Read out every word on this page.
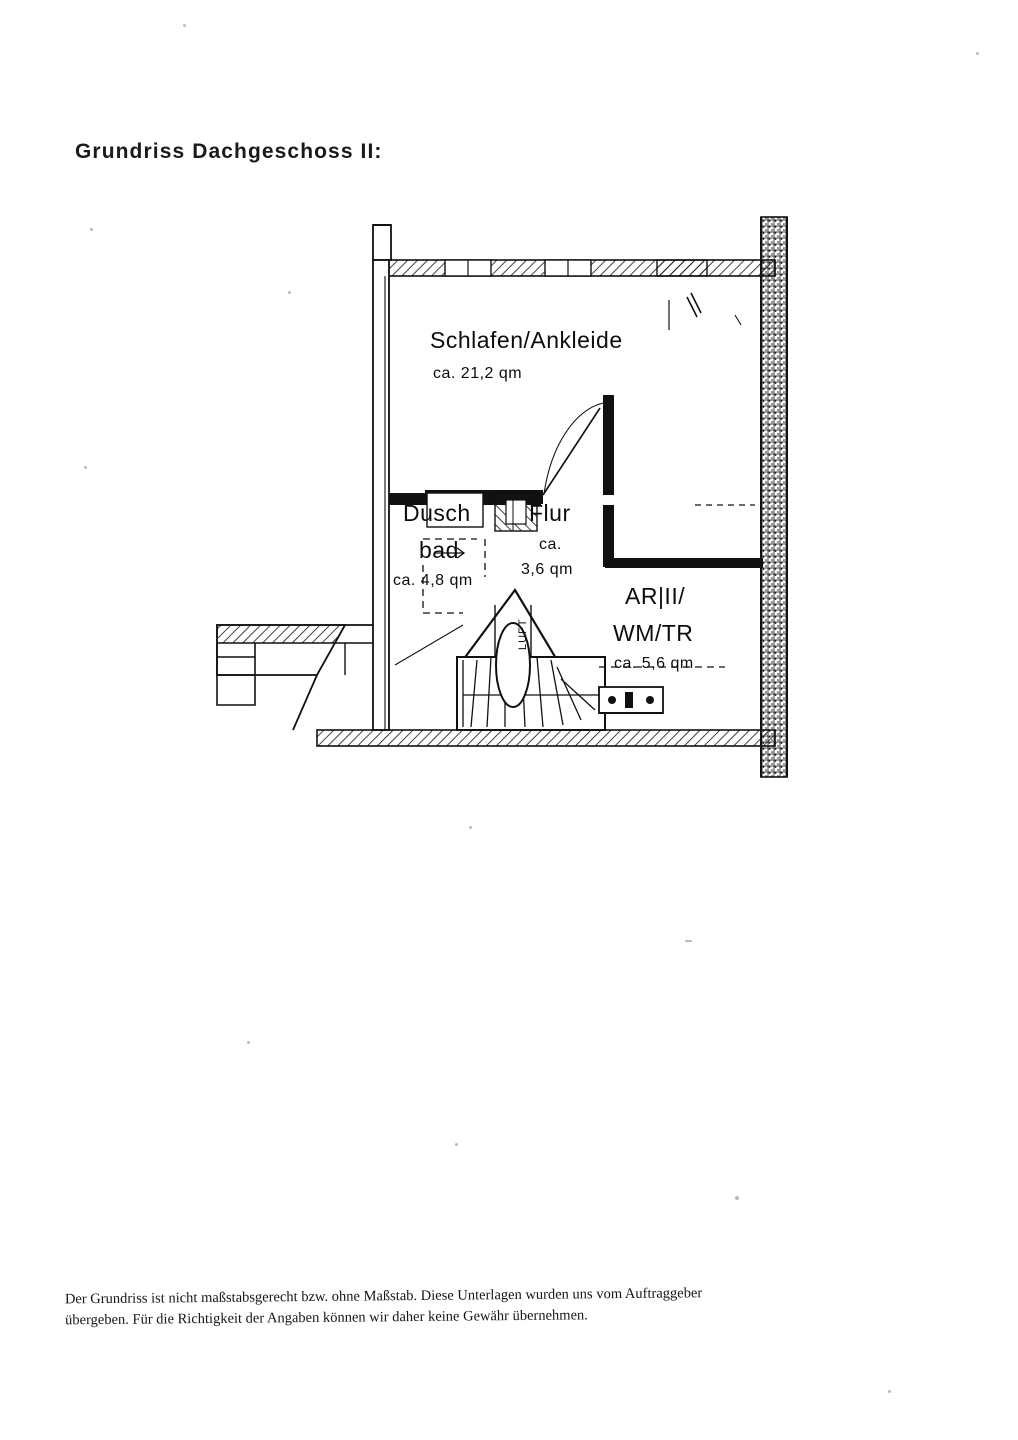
Grundriss Dachgeschoss II:
Schlafen/Ankleide
ca. 21,2 qm
Dusch
bad
ca. 4,8 qm
Flur
ca.
3,6 qm
AR|II/
WM/TR
ca. 5,6 qm
LUFT
Der Grundriss ist nicht maßstabsgerecht bzw. ohne Maßstab. Diese Unterlagen wurden uns vom Auftraggeber übergeben. Für die Richtigkeit der Angaben können wir daher keine Gewähr übernehmen.
